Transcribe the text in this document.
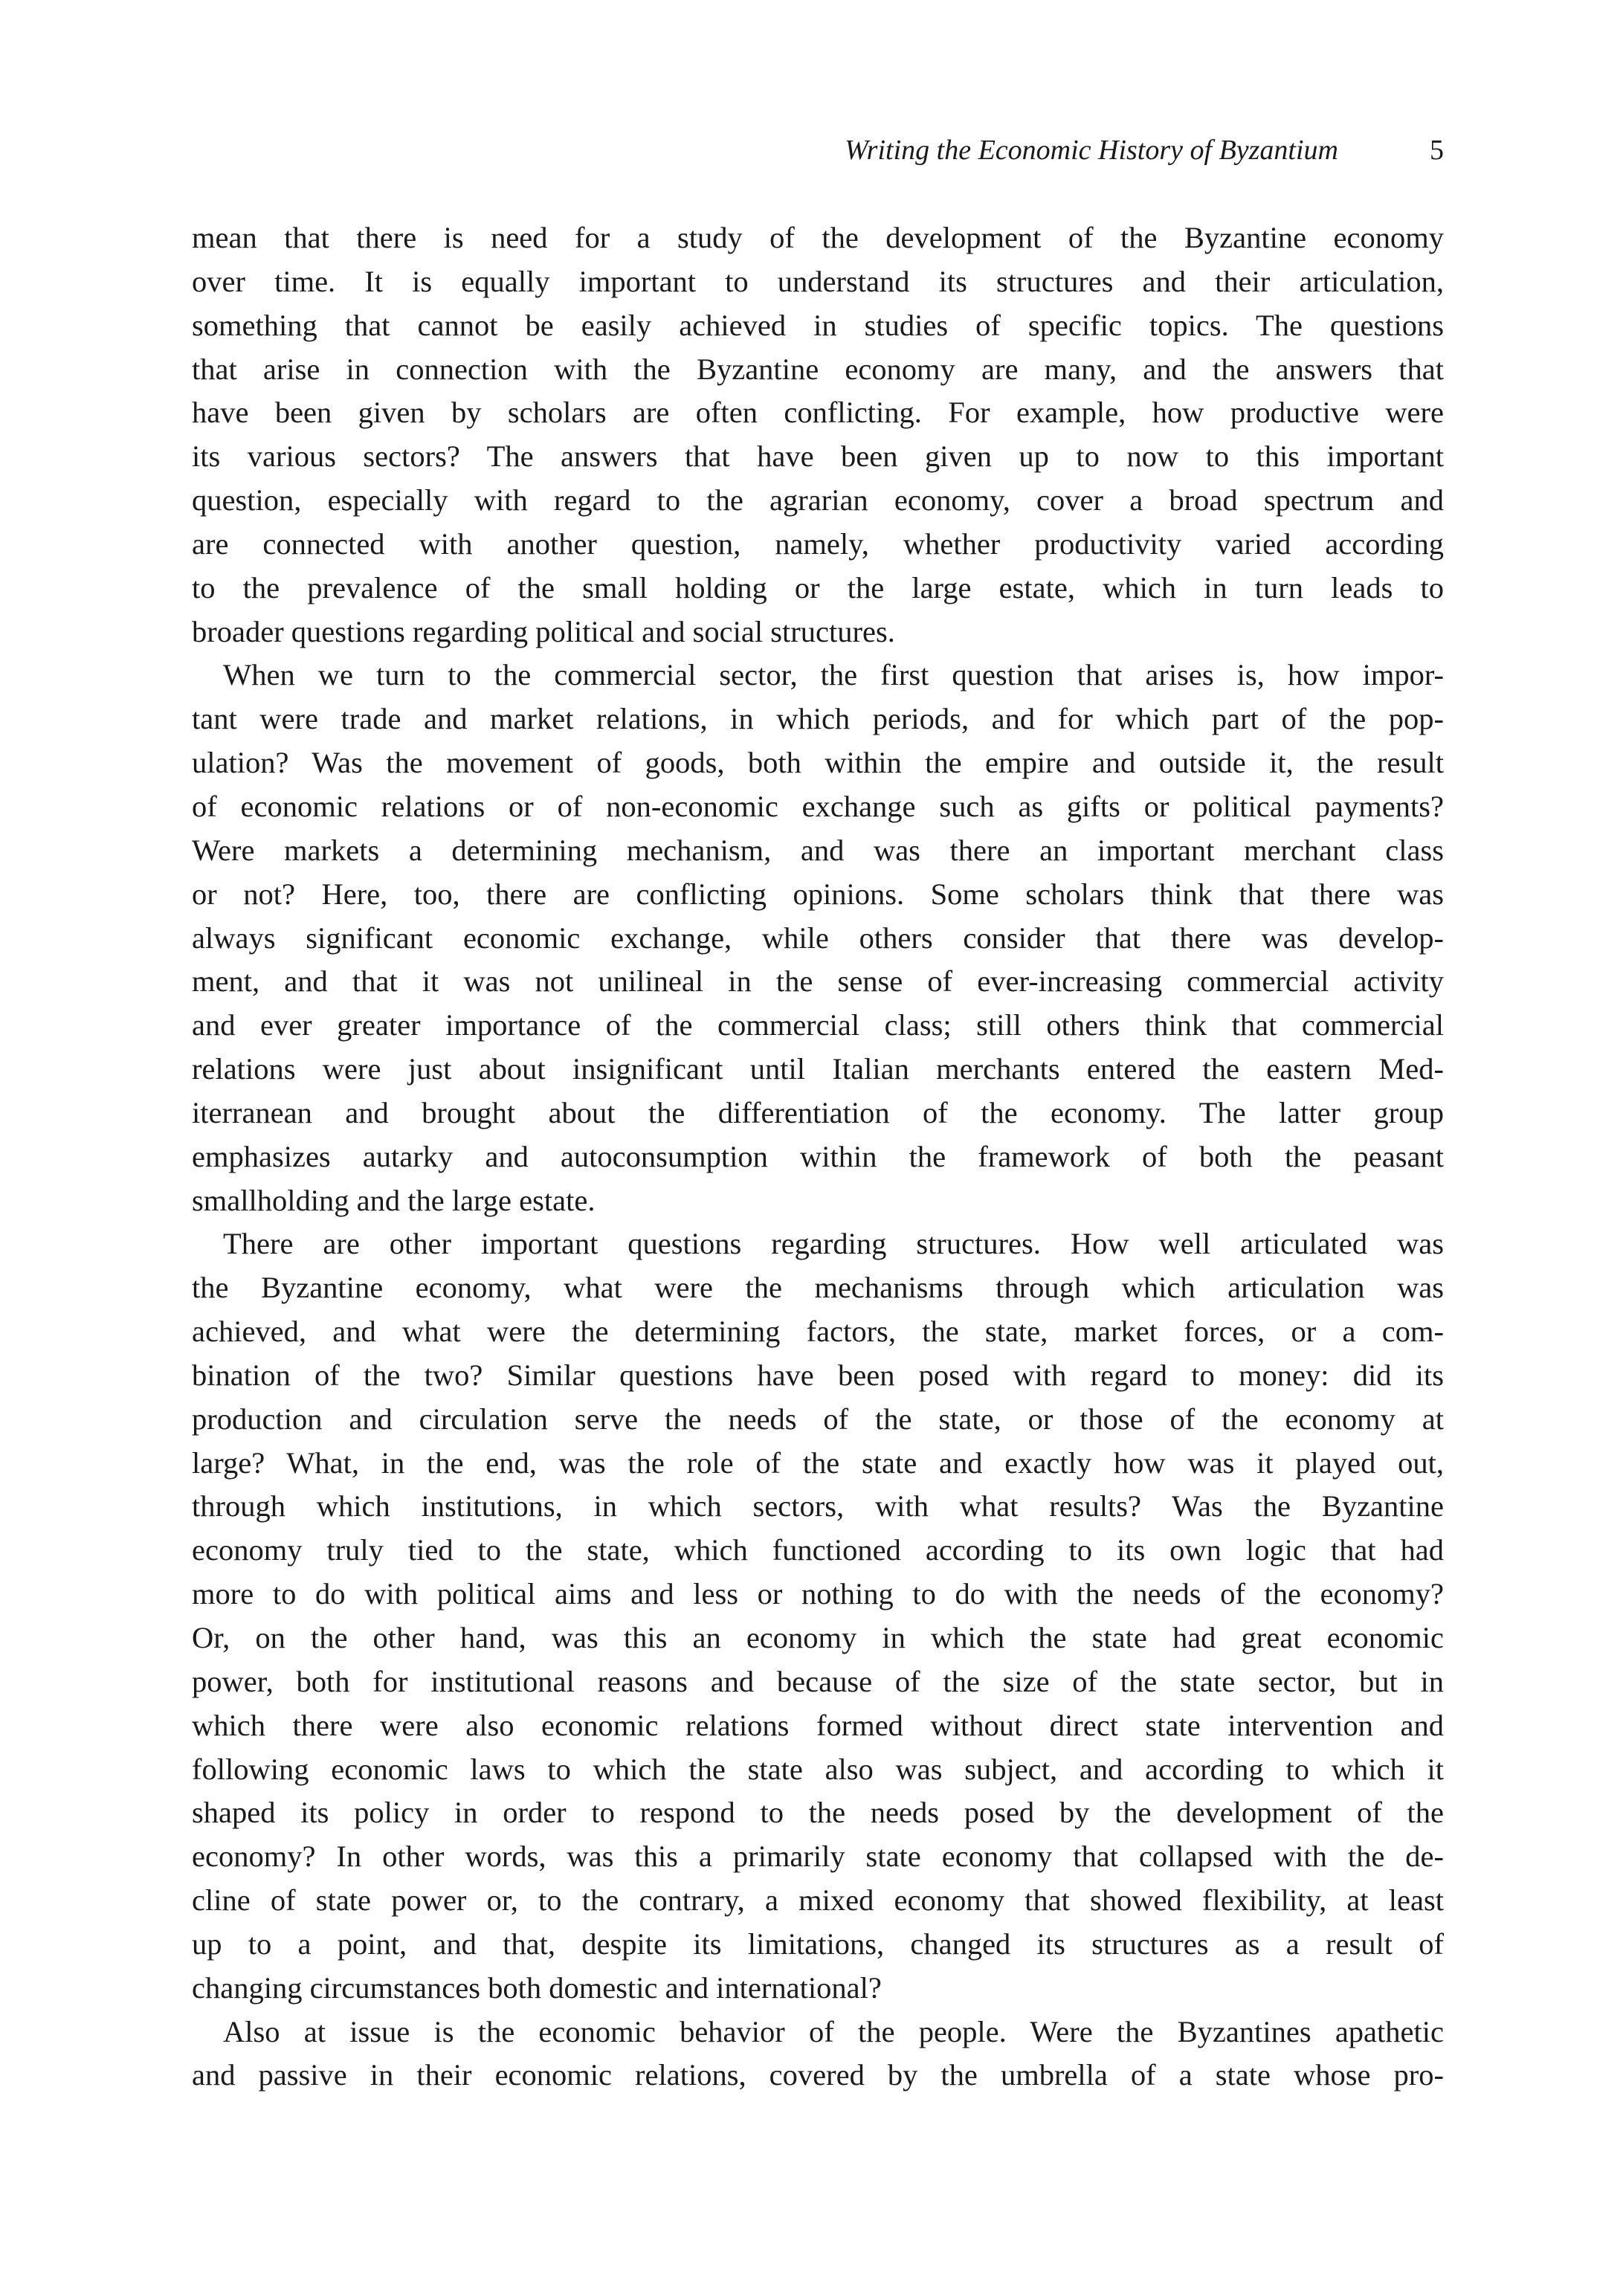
Writing the Economic History of Byzantium	5

mean that there is need for a study of the development of the Byzantine economy
over time. It is equally important to understand its structures and their articulation,
something that cannot be easily achieved in studies of specific topics. The questions
that arise in connection with the Byzantine economy are many, and the answers that
have been given by scholars are often conflicting. For example, how productive were
its various sectors? The answers that have been given up to now to this important
question, especially with regard to the agrarian economy, cover a broad spectrum and
are connected with another question, namely, whether productivity varied according
to the prevalence of the small holding or the large estate, which in turn leads to
broader questions regarding political and social structures.

When we turn to the commercial sector, the first question that arises is, how impor-
tant were trade and market relations, in which periods, and for which part of the pop-
ulation? Was the movement of goods, both within the empire and outside it, the result
of economic relations or of non-economic exchange such as gifts or political payments?
Were markets a determining mechanism, and was there an important merchant class
or not? Here, too, there are conflicting opinions. Some scholars think that there was
always significant economic exchange, while others consider that there was develop-
ment, and that it was not unilineal in the sense of ever-increasing commercial activity
and ever greater importance of the commercial class; still others think that commercial
relations were just about insignificant until Italian merchants entered the eastern Med-
iterranean and brought about the differentiation of the economy. The latter group
emphasizes autarky and autoconsumption within the framework of both the peasant
smallholding and the large estate.

There are other important questions regarding structures. How well articulated was
the Byzantine economy, what were the mechanisms through which articulation was
achieved, and what were the determining factors, the state, market forces, or a com-
bination of the two? Similar questions have been posed with regard to money: did its
production and circulation serve the needs of the state, or those of the economy at
large? What, in the end, was the role of the state and exactly how was it played out,
through which institutions, in which sectors, with what results? Was the Byzantine
economy truly tied to the state, which functioned according to its own logic that had
more to do with political aims and less or nothing to do with the needs of the economy?
Or, on the other hand, was this an economy in which the state had great economic
power, both for institutional reasons and because of the size of the state sector, but in
which there were also economic relations formed without direct state intervention and
following economic laws to which the state also was subject, and according to which it
shaped its policy in order to respond to the needs posed by the development of the
economy? In other words, was this a primarily state economy that collapsed with the de-
cline of state power or, to the contrary, a mixed economy that showed flexibility, at least
up to a point, and that, despite its limitations, changed its structures as a result of
changing circumstances both domestic and international?

Also at issue is the economic behavior of the people. Were the Byzantines apathetic
and passive in their economic relations, covered by the umbrella of a state whose pro-
